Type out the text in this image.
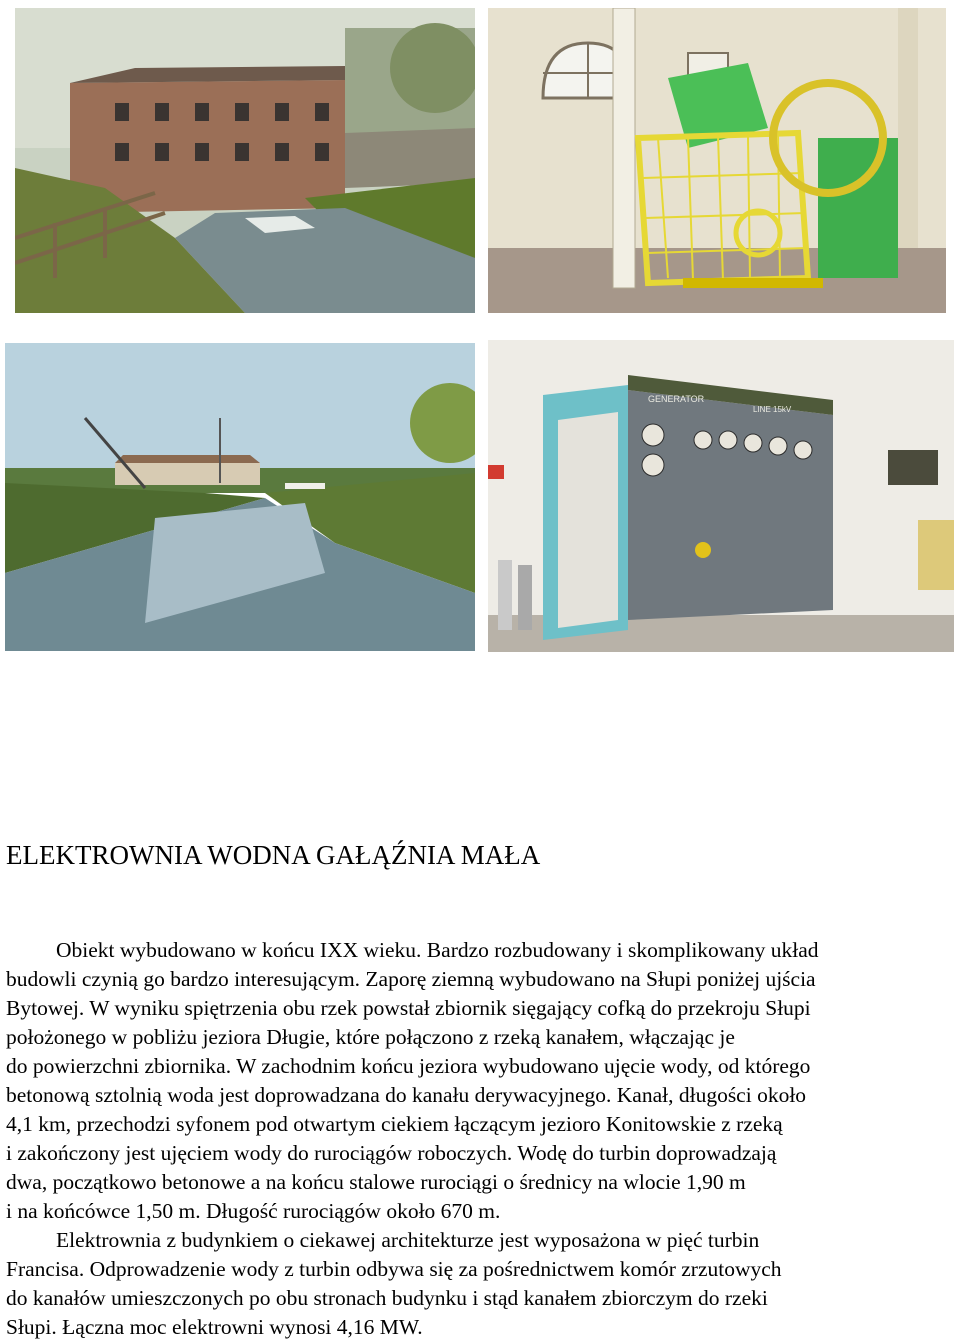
GENERATOR
LINE 15kV
ELEKTROWNIA WODNA GAŁĄŹNIA MAŁA

Obiekt wybudowano w końcu IXX wieku. Bardzo rozbudowany i skomplikowany układ
budowli czynią go bardzo interesującym. Zaporę ziemną wybudowano na Słupi poniżej ujścia
Bytowej. W wyniku spiętrzenia obu rzek powstał zbiornik sięgający cofką do przekroju Słupi
położonego w pobliżu jeziora Długie, które połączono z rzeką kanałem, włączając je
do powierzchni zbiornika. W zachodnim końcu jeziora wybudowano ujęcie wody, od którego
betonową sztolnią woda jest doprowadzana do kanału derywacyjnego. Kanał, długości około
4,1 km, przechodzi syfonem pod otwartym ciekiem łączącym jezioro Konitowskie z rzeką
i zakończony jest ujęciem wody do rurociągów roboczych. Wodę do turbin doprowadzają
dwa, początkowo betonowe a na końcu stalowe rurociągi o średnicy na wlocie 1,90 m
i na końcówce 1,50 m. Długość rurociągów około 670 m.

Elektrownia z budynkiem o ciekawej architekturze jest wyposażona w pięć turbin
Francisa. Odprowadzenie wody z turbin odbywa się za pośrednictwem komór zrzutowych
do kanałów umieszczonych po obu stronach budynku i stąd kanałem zbiorczym do rzeki
Słupi. Łączna moc elektrowni wynosi 4,16 MW.
